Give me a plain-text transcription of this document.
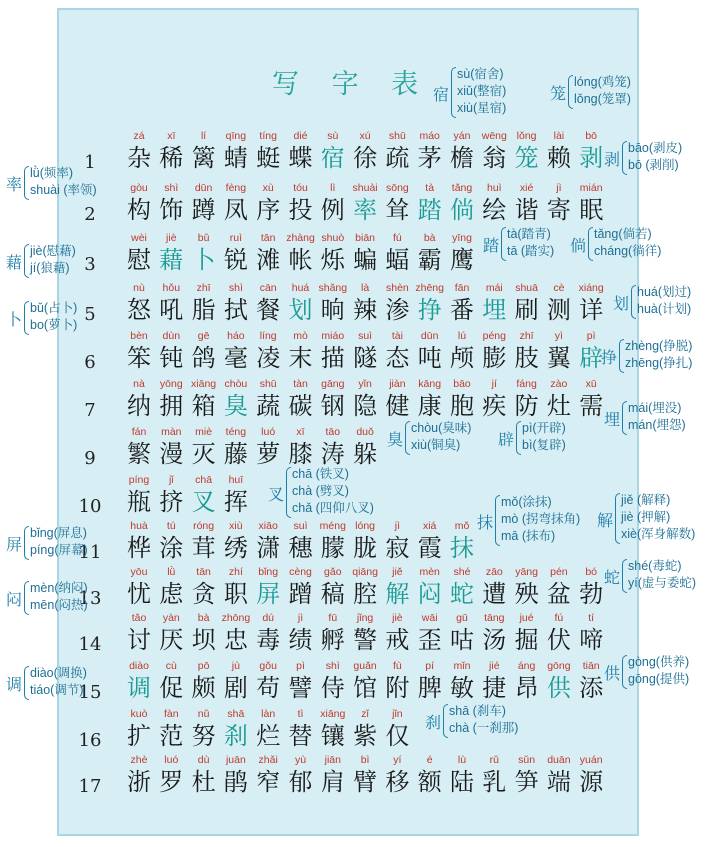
写 字 表
1
zá
杂
xī
稀
lí
篱
qīng
蜻
tíng
蜓
dié
蝶
sù
宿
xú
徐
shū
疏
máo
茅
yán
檐
wēng
翁
lǒng
笼
lài
赖
bō
剥
2
gòu
构
shì
饰
dūn
蹲
fèng
凤
xù
序
tóu
投
lì
例
shuài
率
sōng
耸
tà
踏
tǎng
倘
huì
绘
xié
谐
jì
寄
mián
眠
3
wèi
慰
jiè
藉
bǔ
卜
ruì
锐
tān
滩
zhàng
帐
shuò
烁
biān
蝙
fú
蝠
bà
霸
yīng
鹰
5
nù
怒
hǒu
吼
zhī
脂
shì
拭
cān
餐
huá
划
shǎng
晌
là
辣
shèn
渗
zhēng
挣
fān
番
mái
埋
shuā
刷
cè
测
xiáng
详
6
bèn
笨
dùn
钝
gē
鸽
háo
毫
líng
凌
mò
末
miáo
描
suì
隧
tài
态
dūn
吨
lú
颅
péng
膨
zhī
肢
yì
翼
pì
辟
7
nà
纳
yōng
拥
xiāng
箱
chòu
臭
shū
蔬
tàn
碳
gāng
钢
yǐn
隐
jiàn
健
kāng
康
bāo
胞
jí
疾
fáng
防
zào
灶
xū
需
9
fán
繁
màn
漫
miè
灭
téng
藤
luó
萝
xī
膝
tāo
涛
duǒ
躲
10
píng
瓶
jǐ
挤
chā
叉
huī
挥
11
huà
桦
tú
涂
róng
茸
xiù
绣
xiāo
潇
suì
穗
méng
朦
lóng
胧
jì
寂
xiá
霞
mǒ
抹
13
yōu
忧
lǜ
虑
tān
贪
zhí
职
bǐng
屏
cèng
蹭
gǎo
稿
qiāng
腔
jiě
解
mèn
闷
shé
蛇
zāo
遭
yāng
殃
pén
盆
bó
勃
14
tǎo
讨
yàn
厌
bà
坝
zhōng
忠
dú
毒
jì
绩
fū
孵
jǐng
警
jiè
戒
wāi
歪
gū
咕
tāng
汤
jué
掘
fú
伏
tí
啼
15
diào
调
cù
促
pō
颇
jù
剧
gǒu
苟
pì
譬
shì
侍
guǎn
馆
fù
附
pí
脾
mǐn
敏
jié
捷
áng
昂
gōng
供
tiān
添
16
kuò
扩
fàn
范
nǔ
努
shā
刹
làn
烂
tì
替
xiāng
镶
zǐ
紫
jǐn
仅
17
zhè
浙
luó
罗
dù
杜
juān
鹃
zhǎi
窄
yù
郁
jiān
肩
bì
臂
yí
移
é
额
lù
陆
rǔ
乳
sǔn
笋
duān
端
yuán
源
宿
sù(宿舍)
xiǔ(整宿)
xiù(星宿)
笼
lóng(鸡笼)
lǒng(笼罩)
剥
bāo(剥皮)
bō (剥削)
率
lǜ(频率)
shuài (率领)
踏
tà(踏青)
tā (踏实) 倘
tǎng(倘若)
cháng(徜徉)
藉
jiè(慰藉)
jí(狼藉)
卜
bǔ(占卜)
bo(萝卜)
划
huá(划过)
huà(计划)
挣
zhèng(挣脱)
zhēng(挣扎)
埋
mái(埋没)
mán(埋怨)
臭
chòu(臭味)
xiù(铜臭) 辟
pì(开辟)
bì(复辟)
叉
chā (铁叉)
chà (劈叉)
chǎ (四仰八叉)
抹
mǒ(涂抹)
mò (拐弯抹角)
mā (抹布)
解
jiě (解释)
jiè (押解)
xiè(浑身解数)
屏
bǐng(屏息)
píng(屏幕)
闷
mèn(纳闷)
mēn(闷热)
蛇
shé(毒蛇)
yí(虚与委蛇)
调
diào(调换)
tiáo(调节)
供
gòng(供养)
gōng(提供)
刹
shā (刹车)
chà (一刹那)
